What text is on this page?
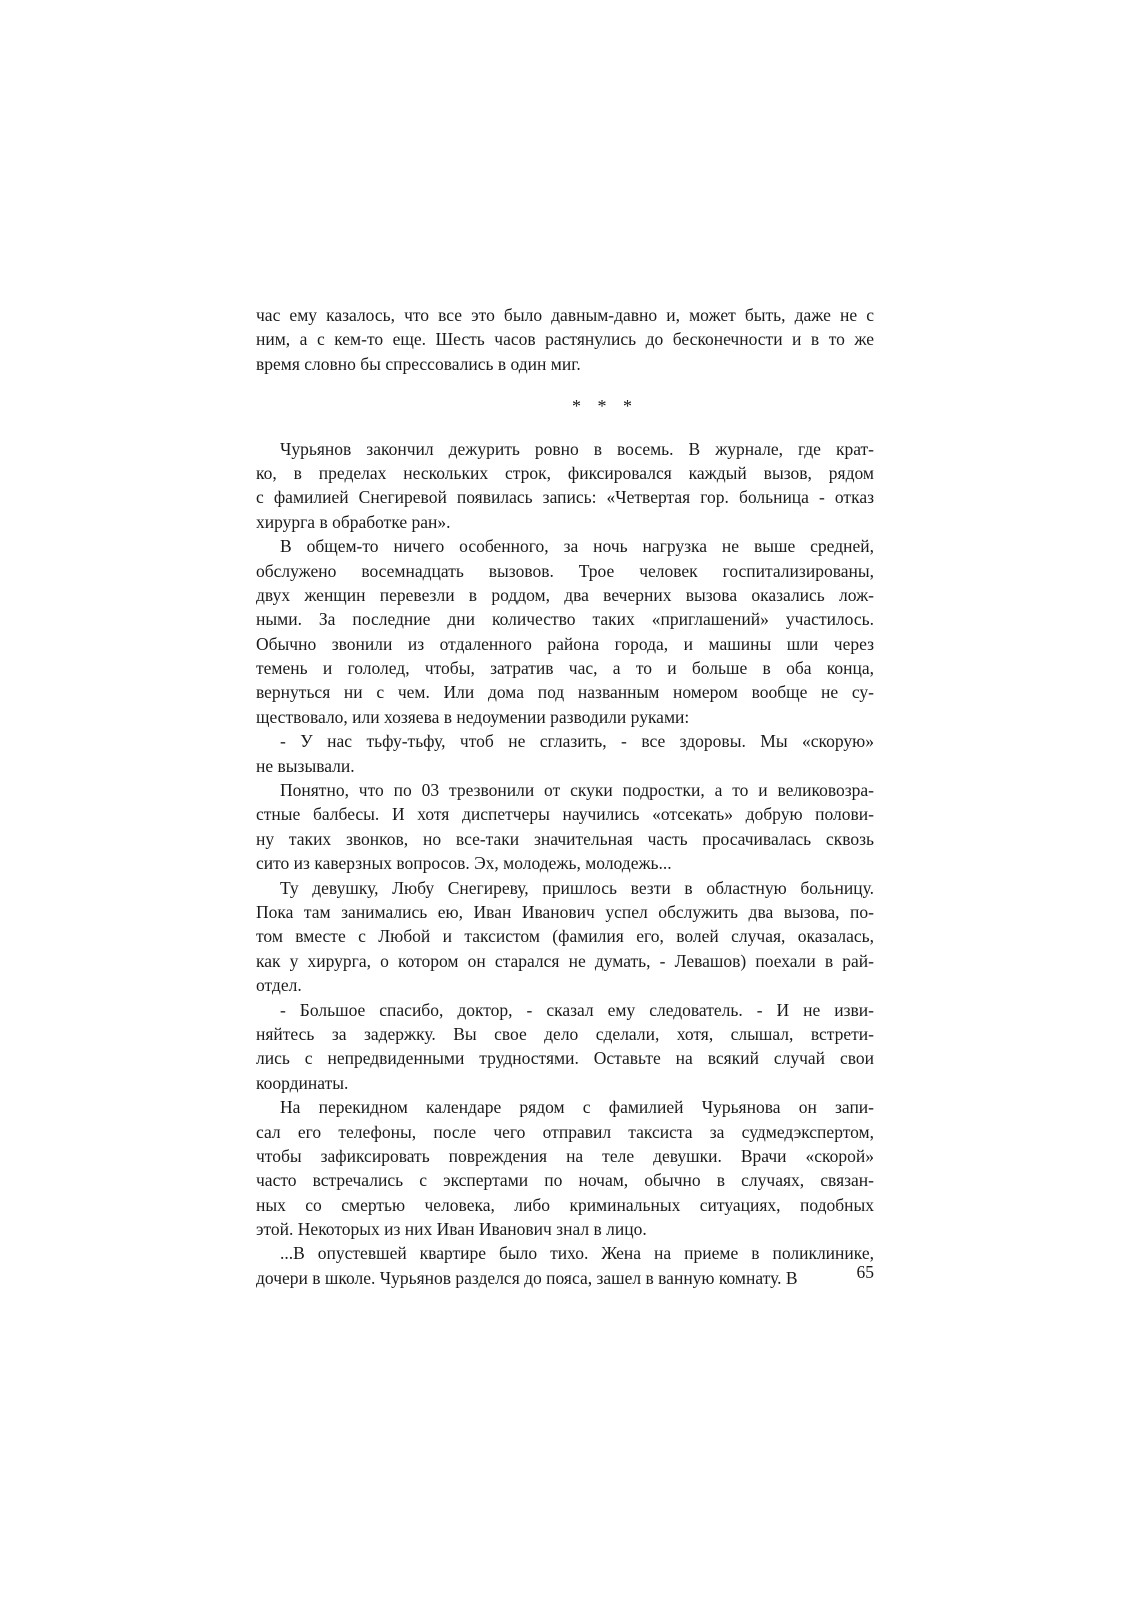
час ему казалось, что все это было давным-давно и, может быть, даже не с
ним, а с кем-то еще. Шесть часов растянулись до бесконечности и в то же
время словно бы спрессовались в один миг.
* * *
Чурьянов закончил дежурить ровно в восемь. В журнале, где крат-
ко, в пределах нескольких строк, фиксировался каждый вызов, рядом
с фамилией Снегиревой появилась запись: «Четвертая гор. больница - отказ
хирурга в обработке ран».
В общем-то ничего особенного, за ночь нагрузка не выше средней,
обслужено восемнадцать вызовов. Трое человек госпитализированы,
двух женщин перевезли в роддом, два вечерних вызова оказались лож-
ными. За последние дни количество таких «приглашений» участилось.
Обычно звонили из отдаленного района города, и машины шли через
темень и гололед, чтобы, затратив час, а то и больше в оба конца,
вернуться ни с чем. Или дома под названным номером вообще не су-
ществовало, или хозяева в недоумении разводили руками:
- У нас тьфу-тьфу, чтоб не сглазить, - все здоровы. Мы «скорую»
не вызывали.
Понятно, что по 03 трезвонили от скуки подростки, а то и великовозра-
стные балбесы. И хотя диспетчеры научились «отсекать» добрую полови-
ну таких звонков, но все-таки значительная часть просачивалась сквозь
сито из каверзных вопросов. Эх, молодежь, молодежь...
Ту девушку, Любу Снегиреву, пришлось везти в областную больницу.
Пока там занимались ею, Иван Иванович успел обслужить два вызова, по-
том вместе с Любой и таксистом (фамилия его, волей случая, оказалась,
как у хирурга, о котором он старался не думать, - Левашов) поехали в рай-
отдел.
- Большое спасибо, доктор, - сказал ему следователь. - И не изви-
няйтесь за задержку. Вы свое дело сделали, хотя, слышал, встрети-
лись с непредвиденными трудностями. Оставьте на всякий случай свои
координаты.
На перекидном календаре рядом с фамилией Чурьянова он запи-
сал его телефоны, после чего отправил таксиста за судмедэкспертом,
чтобы зафиксировать повреждения на теле девушки. Врачи «скорой»
часто встречались с экспертами по ночам, обычно в случаях, связан-
ных со смертью человека, либо криминальных ситуациях, подобных
этой. Некоторых из них Иван Иванович знал в лицо.
...В опустевшей квартире было тихо. Жена на приеме в поликлинике,
дочери в школе. Чурьянов разделся до пояса, зашел в ванную комнату. В	65
